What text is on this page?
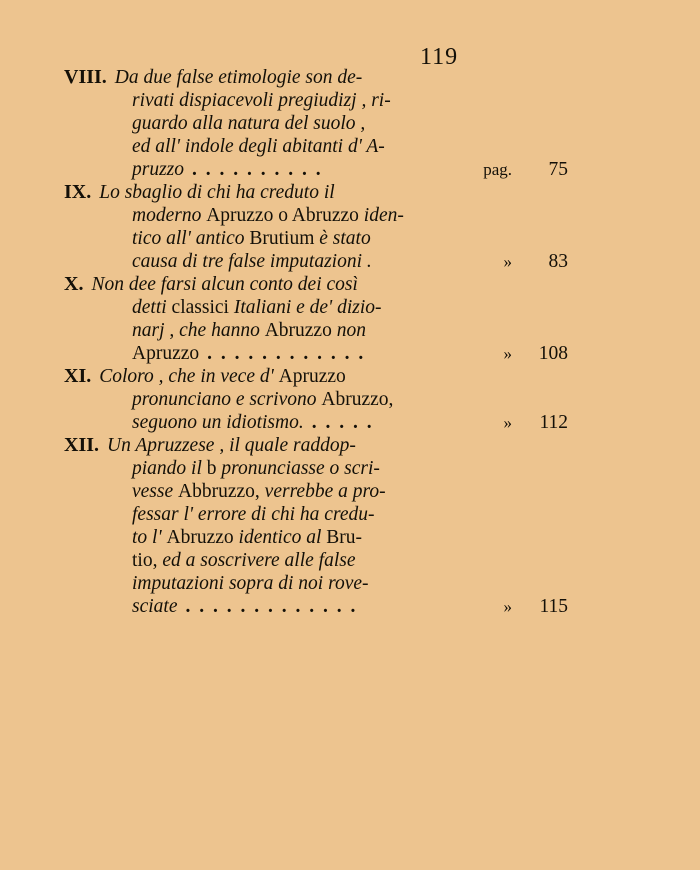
119
VIII. Da due false etimologie son de-
rivati dispiacevoli pregiudizj , ri-
guardo alla natura del suolo ,
ed all' indole degli abitanti d' A-
pruzzo . . . . . . . . . .	pag. 75
IX. Lo sbaglio di chi ha creduto il
moderno Apruzzo o Abruzzo iden-
tico all' antico Brutium è stato
causa di tre false imputazioni .	» 83
X. Non dee farsi alcun conto dei così
detti classici Italiani e de' dizio-
narj , che hanno Abruzzo non
Apruzzo . . . . . . . . . . . .	» 108
XI. Coloro , che in vece d' Apruzzo
pronunciano e scrivono Abruzzo,
seguono un idiotismo. . . . . .	» 112
XII. Un Apruzzese , il quale raddop-
piando il b pronunciasse o scri-
vesse Abbruzzo, verrebbe a pro-
fessar l' errore di chi ha credu-
to l' Abruzzo identico al Bru-
tio, ed a soscrivere alle false
imputazioni sopra di noi rove-
sciate . . . . . . . . . . . . .	» 115
